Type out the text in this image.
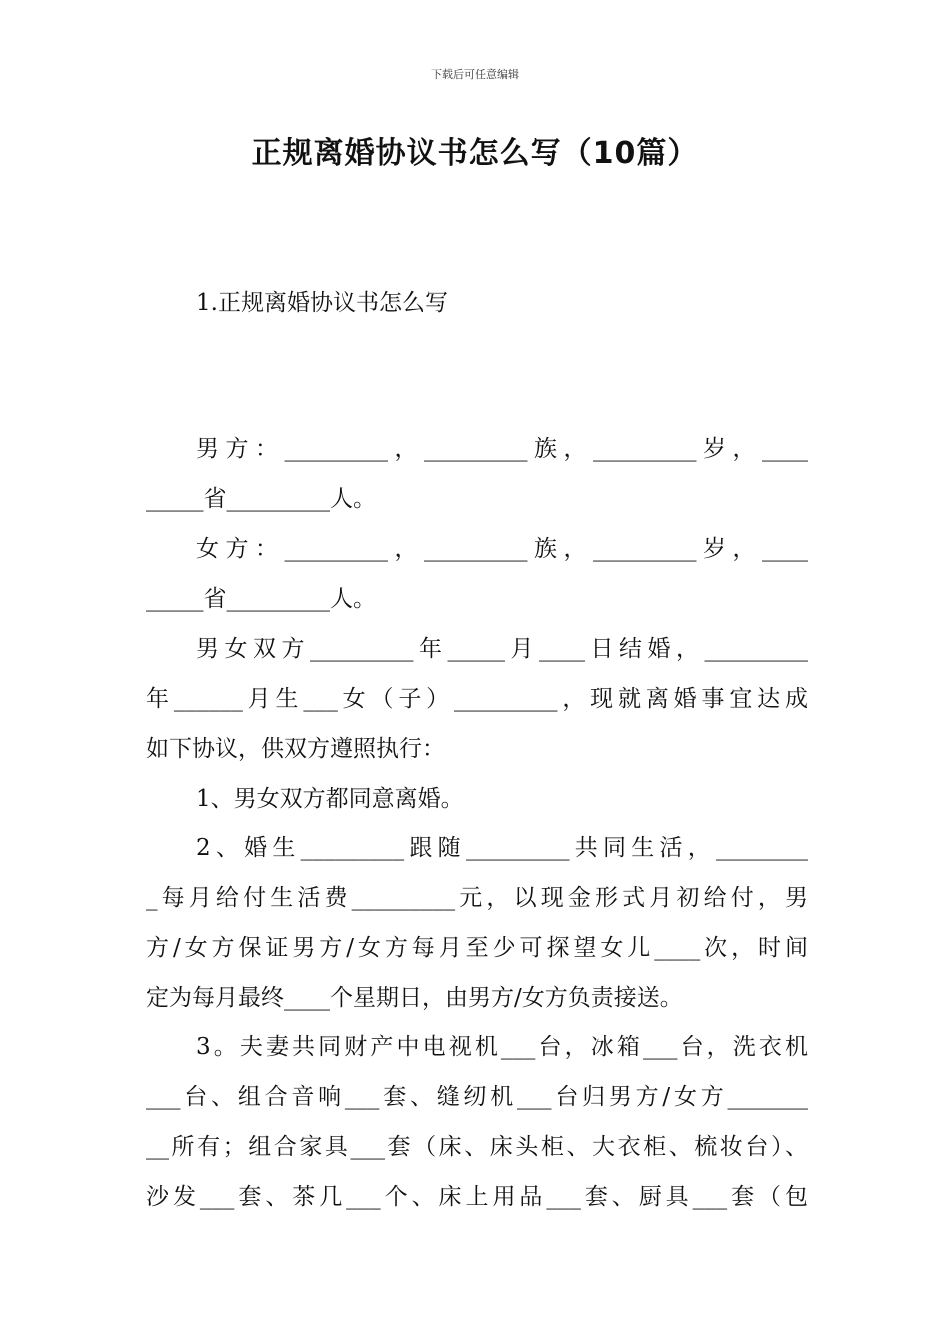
下载后可任意编辑
正规离婚协议书怎么写（10篇）
1.正规离婚协议书怎么写
男方：_________，_________族，_________岁，____
_____省_________人。
女方：_________，_________族，_________岁，____
_____省_________人。
男女双方_________年_____月____日结婚，_________
年______月生___女（子）_________，现就离婚事宜达成
如下协议，供双方遵照执行：
1、男女双方都同意离婚。
2、婚生_________跟随_________共同生活，________
_每月给付生活费_________元，以现金形式月初给付，男
方/女方保证男方/女方每月至少可探望女儿____次，时间
定为每月最终____个星期日，由男方/女方负责接送。
3。夫妻共同财产中电视机___台，冰箱___台，洗衣机
___台、组合音响___套、缝纫机___台归男方/女方_______
__所有；组合家具___套（床、床头柜、大衣柜、梳妆台）、
沙发___套、茶几___个、床上用品___套、厨具___套（包
